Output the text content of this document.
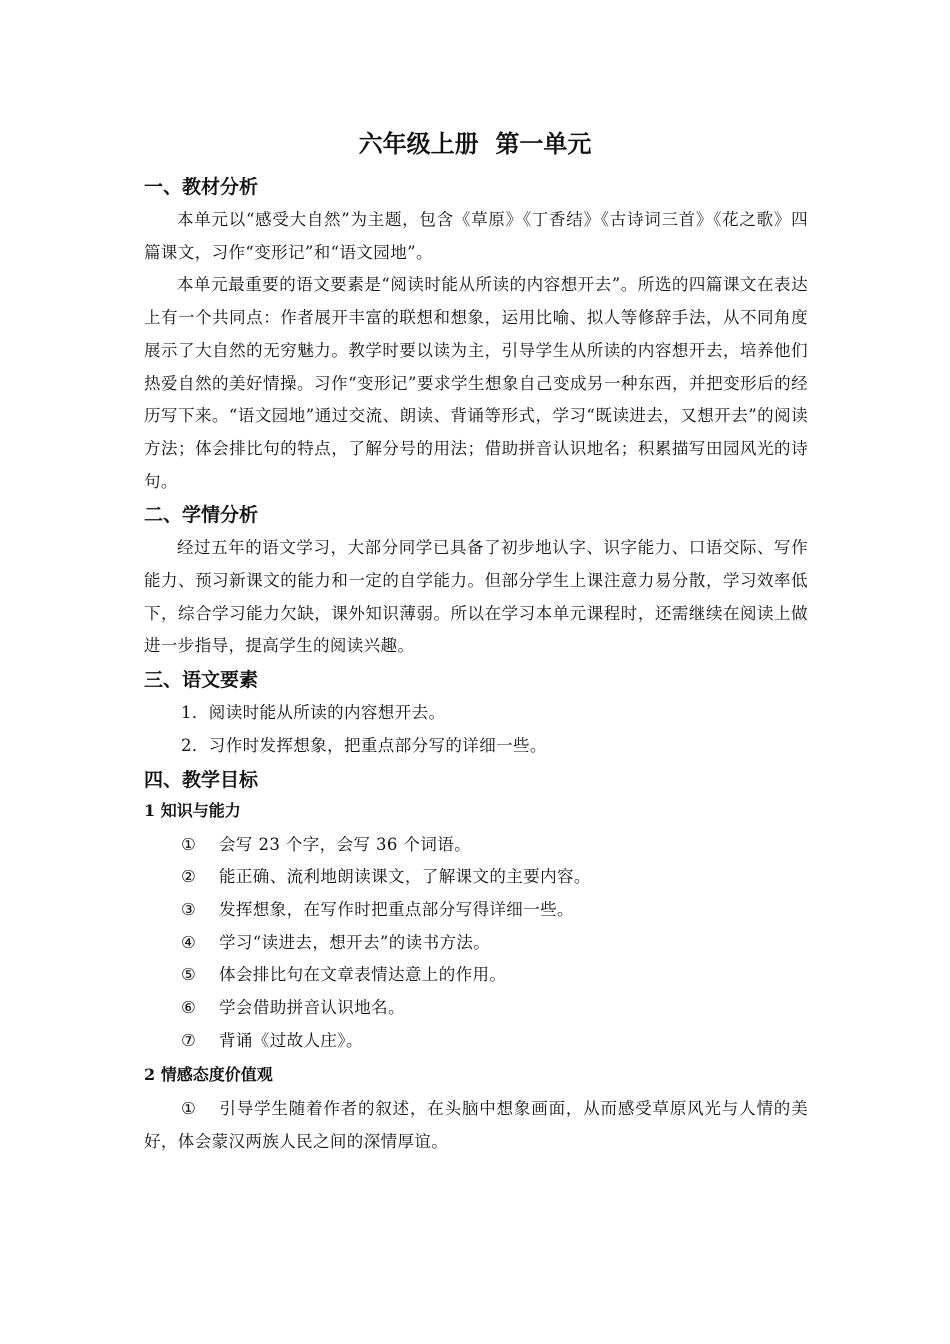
六年级上册  第一单元
一、教材分析

本单元以“感受大自然”为主题，包含《草原》《丁香结》《古诗词三首》《花之歌》四篇课文，习作“变形记”和“语文园地”。

本单元最重要的语文要素是“阅读时能从所读的内容想开去”。所选的四篇课文在表达上有一个共同点：作者展开丰富的联想和想象，运用比喻、拟人等修辞手法，从不同角度展示了大自然的无穷魅力。教学时要以读为主，引导学生从所读的内容想开去，培养他们热爱自然的美好情操。习作“变形记”要求学生想象自己变成另一种东西，并把变形后的经历写下来。“语文园地”通过交流、朗读、背诵等形式，学习“既读进去，又想开去”的阅读方法；体会排比句的特点，了解分号的用法；借助拼音认识地名；积累描写田园风光的诗句。

二、学情分析

经过五年的语文学习，大部分同学已具备了初步地认字、识字能力、口语交际、写作能力、预习新课文的能力和一定的自学能力。但部分学生上课注意力易分散，学习效率低下，综合学习能力欠缺，课外知识薄弱。所以在学习本单元课程时，还需继续在阅读上做进一步指导，提高学生的阅读兴趣。

三、语文要素

1．阅读时能从所读的内容想开去。

2．习作时发挥想象，把重点部分写的详细一些。

四、教学目标
1 知识与能力

①	会写 23 个字，会写 36 个词语。

②	能正确、流利地朗读课文，了解课文的主要内容。

③	发挥想象，在写作时把重点部分写得详细一些。

④	学习“读进去，想开去”的读书方法。

⑤	体会排比句在文章表情达意上的作用。

⑥	学会借助拼音认识地名。

⑦	背诵《过故人庄》。

2 情感态度价值观

① 引导学生随着作者的叙述，在头脑中想象画面，从而感受草原风光与人情的美好，体会蒙汉两族人民之间的深情厚谊。
